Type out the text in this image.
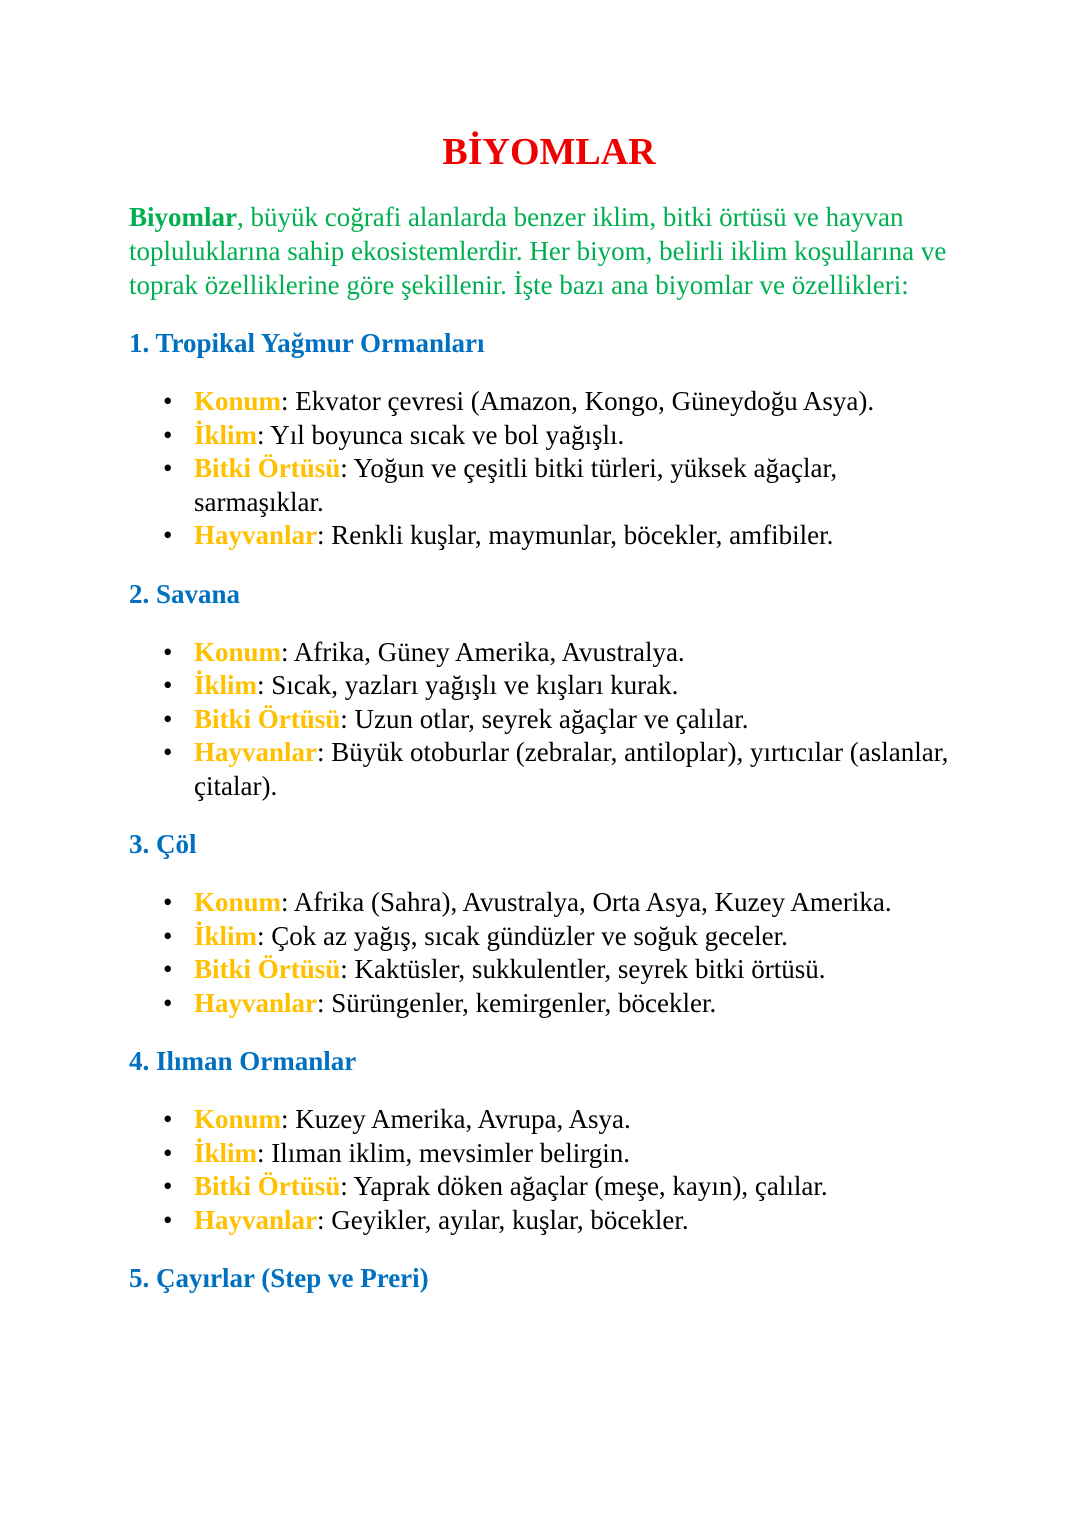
BİYOMLAR

Biyomlar, büyük coğrafi alanlarda benzer iklim, bitki örtüsü ve hayvan topluluklarına sahip ekosistemlerdir. Her biyom, belirli iklim koşullarına ve toprak özelliklerine göre şekillenir. İşte bazı ana biyomlar ve özellikleri:

1. Tropikal Yağmur Ormanları
• Konum: Ekvator çevresi (Amazon, Kongo, Güneydoğu Asya).
• İklim: Yıl boyunca sıcak ve bol yağışlı.
• Bitki Örtüsü: Yoğun ve çeşitli bitki türleri, yüksek ağaçlar, sarmaşıklar.
• Hayvanlar: Renkli kuşlar, maymunlar, böcekler, amfibiler.
2. Savana
• Konum: Afrika, Güney Amerika, Avustralya.
• İklim: Sıcak, yazları yağışlı ve kışları kurak.
• Bitki Örtüsü: Uzun otlar, seyrek ağaçlar ve çalılar.
• Hayvanlar: Büyük otoburlar (zebralar, antiloplar), yırtıcılar (aslanlar, çitalar).
3. Çöl
• Konum: Afrika (Sahra), Avustralya, Orta Asya, Kuzey Amerika.
• İklim: Çok az yağış, sıcak gündüzler ve soğuk geceler.
• Bitki Örtüsü: Kaktüsler, sukkulentler, seyrek bitki örtüsü.
• Hayvanlar: Sürüngenler, kemirgenler, böcekler.
4. Ilıman Ormanlar
• Konum: Kuzey Amerika, Avrupa, Asya.
• İklim: Ilıman iklim, mevsimler belirgin.
• Bitki Örtüsü: Yaprak döken ağaçlar (meşe, kayın), çalılar.
• Hayvanlar: Geyikler, ayılar, kuşlar, böcekler.
5. Çayırlar (Step ve Preri)
